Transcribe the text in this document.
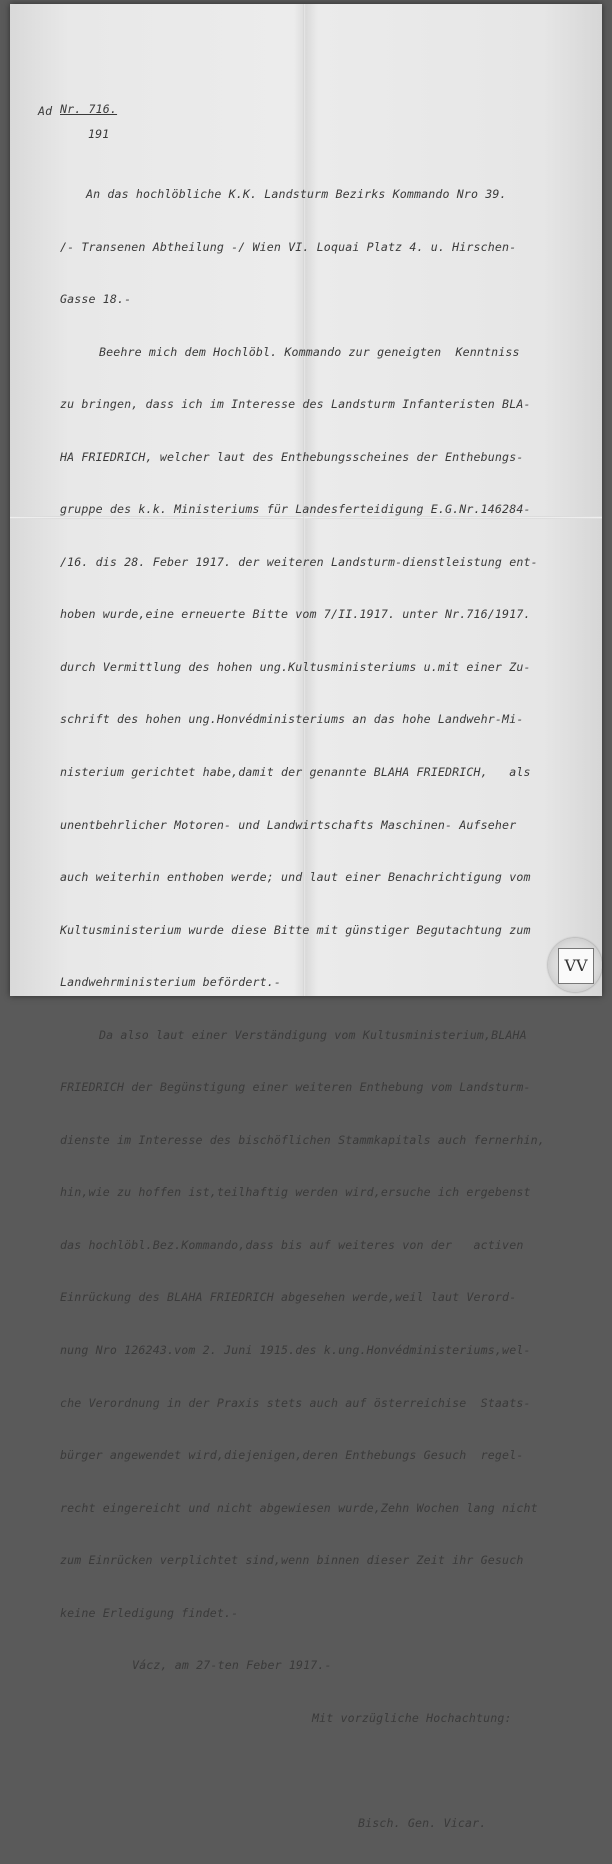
Ad Nr. 716.
191

An das hochlöbliche K.K. Landsturm Bezirks Kommando Nro 39.

/- Transenen Abtheilung -/ Wien VI. Loquai Platz 4. u. Hirschen-

Gasse 18.-

Beehre mich dem Hochlöbl. Kommando zur geneigten  Kenntniss

zu bringen, dass ich im Interesse des Landsturm Infanteristen BLA-

HA FRIEDRICH, welcher laut des Enthebungsscheines der Enthebungs-

gruppe des k.k. Ministeriums für Landesferteidigung E.G.Nr.146284-

/16. dis 28. Feber 1917. der weiteren Landsturm-dienstleistung ent-

hoben wurde,eine erneuerte Bitte vom 7/II.1917. unter Nr.716/1917.

durch Vermittlung des hohen ung.Kultusministeriums u.mit einer Zu-

schrift des hohen ung.Honvédministeriums an das hohe Landwehr-Mi-

nisterium gerichtet habe,damit der genannte BLAHA FRIEDRICH,   als

unentbehrlicher Motoren- und Landwirtschafts Maschinen- Aufseher

auch weiterhin enthoben werde; und laut einer Benachrichtigung vom

Kultusministerium wurde diese Bitte mit günstiger Begutachtung zum

Landwehrministerium befördert.-

Da also laut einer Verständigung vom Kultusministerium,BLAHA

FRIEDRICH der Begünstigung einer weiteren Enthebung vom Landsturm-

dienste im Interesse des bischöflichen Stammkapitals auch fernerhin,

hin,wie zu hoffen ist,teilhaftig werden wird,ersuche ich ergebenst

das hochlöbl.Bez.Kommando,dass bis auf weiteres von der   activen

Einrückung des BLAHA FRIEDRICH abgesehen werde,weil laut Verord-

nung Nro 126243.vom 2. Juni 1915.des k.ung.Honvédministeriums,wel-

che Verordnung in der Praxis stets auch auf österreichise  Staats-

bürger angewendet wird,diejenigen,deren Enthebungs Gesuch  regel-

recht eingereicht und nicht abgewiesen wurde,Zehn Wochen lang nicht

zum Einrücken verplichtet sind,wenn binnen dieser Zeit ihr Gesuch

keine Erledigung findet.-

Vácz, am 27-ten Feber 1917.-

Mit vorzügliche Hochachtung:

Bisch. Gen. Vicar.

VV
